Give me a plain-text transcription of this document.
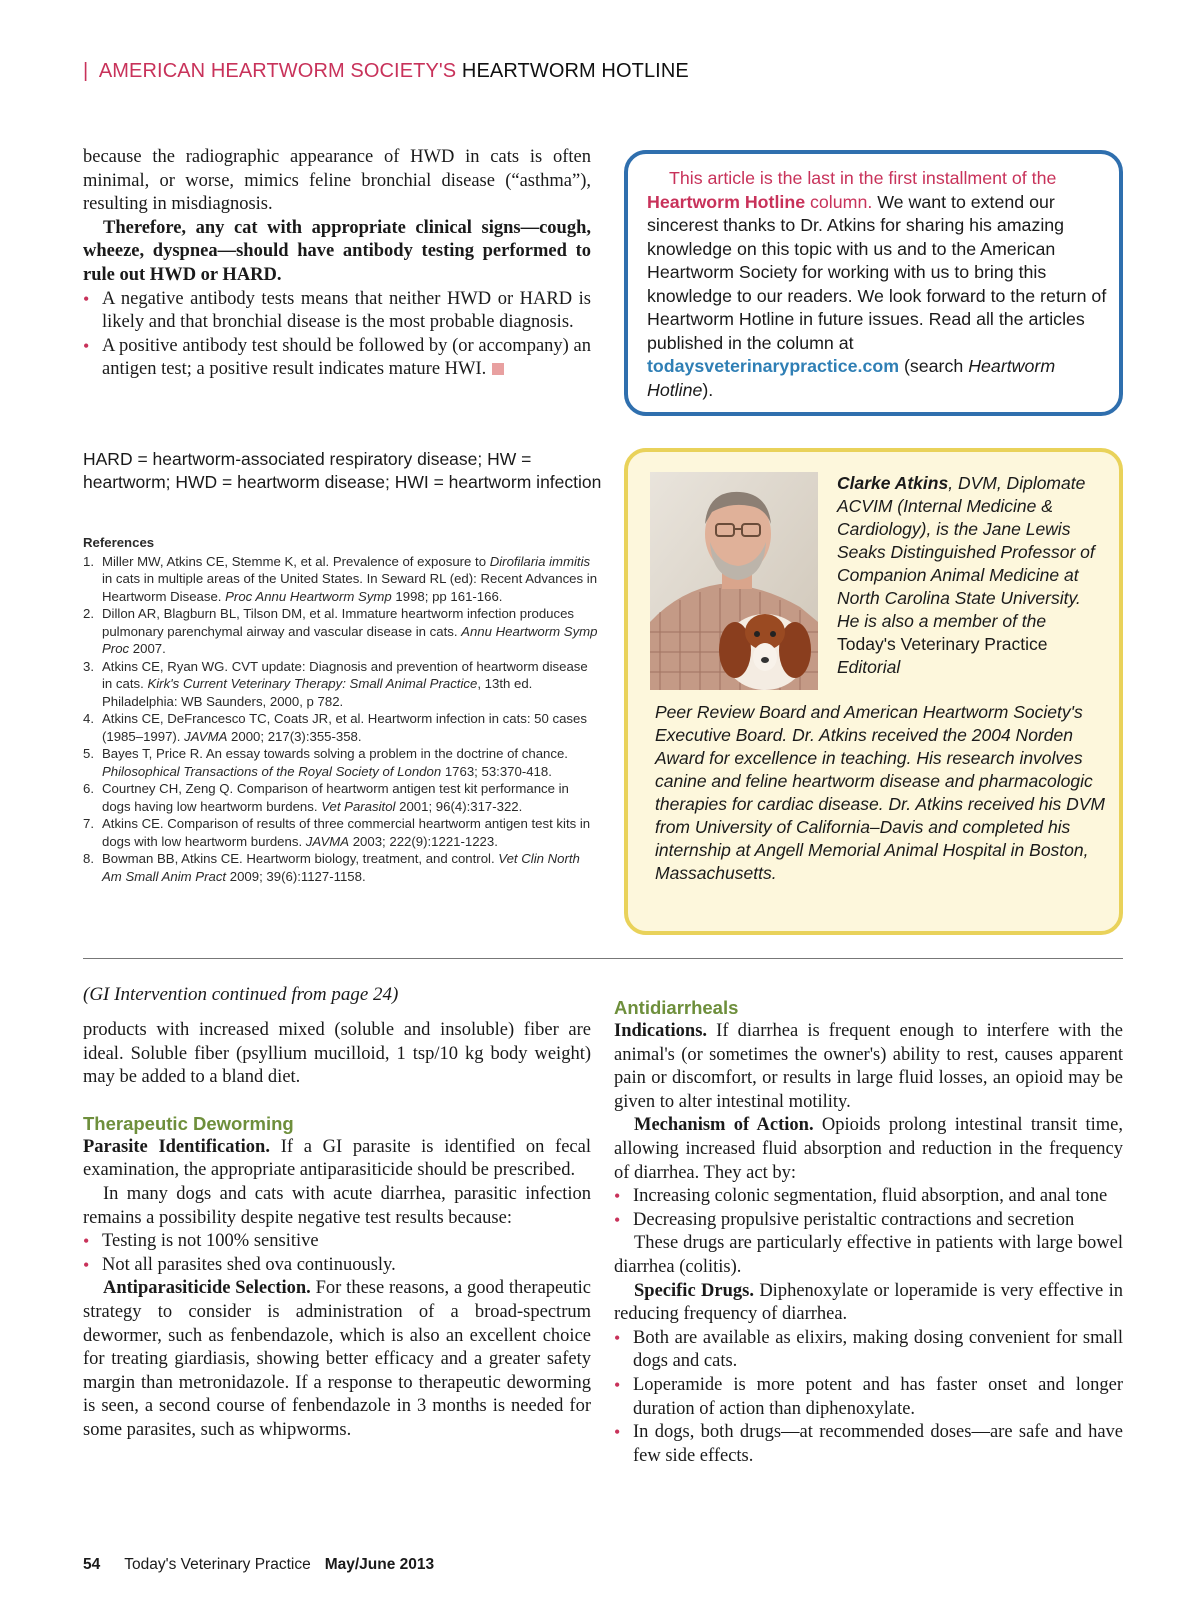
| AMERICAN HEARTWORM SOCIETY'S HEARTWORM HOTLINE

because the radiographic appearance of HWD in cats is often minimal, or worse, mimics feline bronchial disease (“asthma”), resulting in misdiagnosis.

Therefore, any cat with appropriate clinical signs—cough, wheeze, dyspnea—should have antibody testing performed to rule out HWD or HARD.

• A negative antibody tests means that neither HWD or HARD is likely and that bronchial disease is the most probable diagnosis.
• A positive antibody test should be followed by (or accompany) an antigen test; a positive result indicates mature HWI.
HARD = heartworm-associated respiratory disease; HW = heartworm; HWD = heartworm disease; HWI = heartworm infection
References
1. Miller MW, Atkins CE, Stemme K, et al. Prevalence of exposure to Dirofilaria immitis in cats in multiple areas of the United States. In Seward RL (ed): Recent Advances in Heartworm Disease. Proc Annu Heartworm Symp 1998; pp 161-166.
2. Dillon AR, Blagburn BL, Tilson DM, et al. Immature heartworm infection produces pulmonary parenchymal airway and vascular disease in cats. Annu Heartworm Symp Proc 2007.
3. Atkins CE, Ryan WG. CVT update: Diagnosis and prevention of heartworm disease in cats. Kirk's Current Veterinary Therapy: Small Animal Practice, 13th ed. Philadelphia: WB Saunders, 2000, p 782.
4. Atkins CE, DeFrancesco TC, Coats JR, et al. Heartworm infection in cats: 50 cases (1985–1997). JAVMA 2000; 217(3):355-358.
5. Bayes T, Price R. An essay towards solving a problem in the doctrine of chance. Philosophical Transactions of the Royal Society of London 1763; 53:370-418.
6. Courtney CH, Zeng Q. Comparison of heartworm antigen test kit performance in dogs having low heartworm burdens. Vet Parasitol 2001; 96(4):317-322.
7. Atkins CE. Comparison of results of three commercial heartworm antigen test kits in dogs with low heartworm burdens. JAVMA 2003; 222(9):1221-1223.
8. Bowman BB, Atkins CE. Heartworm biology, treatment, and control. Vet Clin North Am Small Anim Pract 2009; 39(6):1127-1158.
This article is the last in the first installment of the Heartworm Hotline column. We want to extend our sincerest thanks to Dr. Atkins for sharing his amazing knowledge on this topic with us and to the American Heartworm Society for working with us to bring this knowledge to our readers. We look forward to the return of Heartworm Hotline in future issues. Read all the articles published in the column at todaysveterinarypractice.com (search Heartworm Hotline).
Clarke Atkins, DVM, Diplomate ACVIM (Internal Medicine & Cardiology), is the Jane Lewis Seaks Distinguished Professor of Companion Animal Medicine at North Carolina State University. He is also a member of the Today's Veterinary Practice Editorial
Peer Review Board and American Heartworm Society's Executive Board. Dr. Atkins received the 2004 Norden Award for excellence in teaching. His research involves canine and feline heartworm disease and pharmacologic therapies for cardiac disease. Dr. Atkins received his DVM from University of California–Davis and completed his internship at Angell Memorial Animal Hospital in Boston, Massachusetts.
(GI Intervention continued from page 24)

products with increased mixed (soluble and insoluble) fiber are ideal. Soluble fiber (psyllium mucilloid, 1 tsp/10 kg body weight) may be added to a bland diet.

Therapeutic Deworming

Parasite Identification. If a GI parasite is identified on fecal examination, the appropriate antiparasiticide should be prescribed.

In many dogs and cats with acute diarrhea, parasitic infection remains a possibility despite negative test results because:

• Testing is not 100% sensitive
• Not all parasites shed ova continuously.

Antiparasiticide Selection. For these reasons, a good therapeutic strategy to consider is administration of a broad-spectrum dewormer, such as fenbendazole, which is also an excellent choice for treating giardiasis, showing better efficacy and a greater safety margin than metronidazole. If a response to therapeutic deworming is seen, a second course of fenbendazole in 3 months is needed for some parasites, such as whipworms.

Antidiarrheals

Indications. If diarrhea is frequent enough to interfere with the animal's (or sometimes the owner's) ability to rest, causes apparent pain or discomfort, or results in large fluid losses, an opioid may be given to alter intestinal motility.

Mechanism of Action. Opioids prolong intestinal transit time, allowing increased fluid absorption and reduction in the frequency of diarrhea. They act by:

• Increasing colonic segmentation, fluid absorption, and anal tone
• Decreasing propulsive peristaltic contractions and secretion

These drugs are particularly effective in patients with large bowel diarrhea (colitis).

Specific Drugs. Diphenoxylate or loperamide is very effective in reducing frequency of diarrhea.

• Both are available as elixirs, making dosing convenient for small dogs and cats.
• Loperamide is more potent and has faster onset and longer duration of action than diphenoxylate.
• In dogs, both drugs—at recommended doses—are safe and have few side effects.
54 Today's Veterinary Practice May/June 2013
